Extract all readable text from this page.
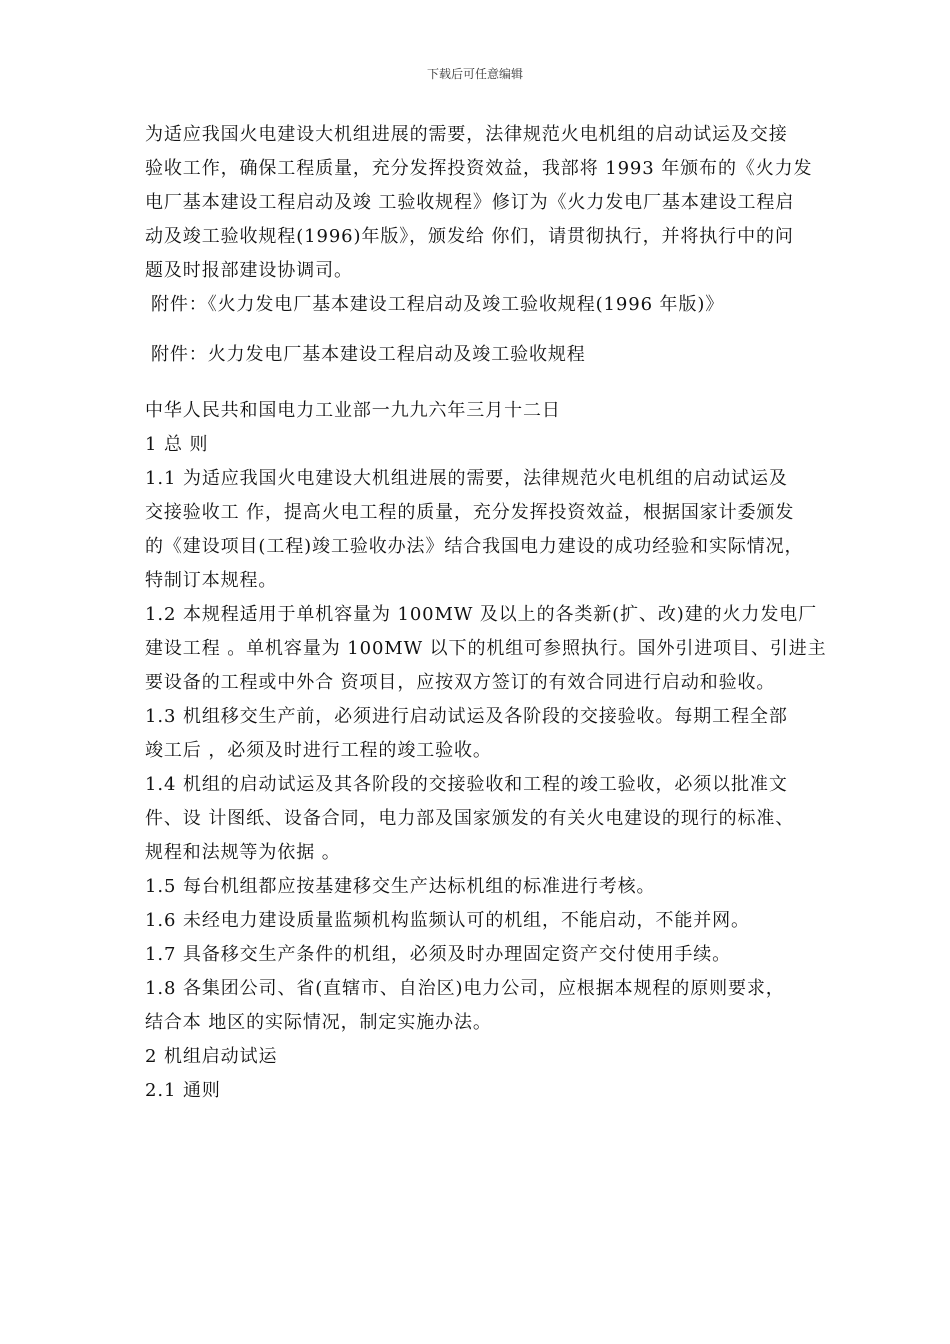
下载后可任意编辑
为适应我国火电建设大机组进展的需要，法律规范火电机组的启动试运及交接
验收工作，确保工程质量，充分发挥投资效益，我部将 1993 年颁布的《火力发
电厂基本建设工程启动及竣 工验收规程》修订为《火力发电厂基本建设工程启
动及竣工验收规程(1996)年版》，颁发给 你们，请贯彻执行，并将执行中的问
题及时报部建设协调司。
附件：《火力发电厂基本建设工程启动及竣工验收规程(1996 年版)》
附件：火力发电厂基本建设工程启动及竣工验收规程
中华人民共和国电力工业部一九九六年三月十二日
1 总 则
1.1 为适应我国火电建设大机组进展的需要，法律规范火电机组的启动试运及
交接验收工 作，提高火电工程的质量，充分发挥投资效益，根据国家计委颁发
的《建设项目(工程)竣工验收办法》结合我国电力建设的成功经验和实际情况，
特制订本规程。
1.2 本规程适用于单机容量为 100MW 及以上的各类新(扩、改)建的火力发电厂
建设工程 。单机容量为 100MW 以下的机组可参照执行。国外引进项目、引进主
要设备的工程或中外合 资项目，应按双方签订的有效合同进行启动和验收。
1.3 机组移交生产前，必须进行启动试运及各阶段的交接验收。每期工程全部
竣工后 ，必须及时进行工程的竣工验收。
1.4 机组的启动试运及其各阶段的交接验收和工程的竣工验收，必须以批准文
件、设 计图纸、设备合同，电力部及国家颁发的有关火电建设的现行的标准、
规程和法规等为依据 。
1.5 每台机组都应按基建移交生产达标机组的标准进行考核。
1.6 未经电力建设质量监频机构监频认可的机组，不能启动，不能并网。
1.7 具备移交生产条件的机组，必须及时办理固定资产交付使用手续。
1.8 各集团公司、省(直辖市、自治区)电力公司，应根据本规程的原则要求，
结合本 地区的实际情况，制定实施办法。
2 机组启动试运
2.1 通则
